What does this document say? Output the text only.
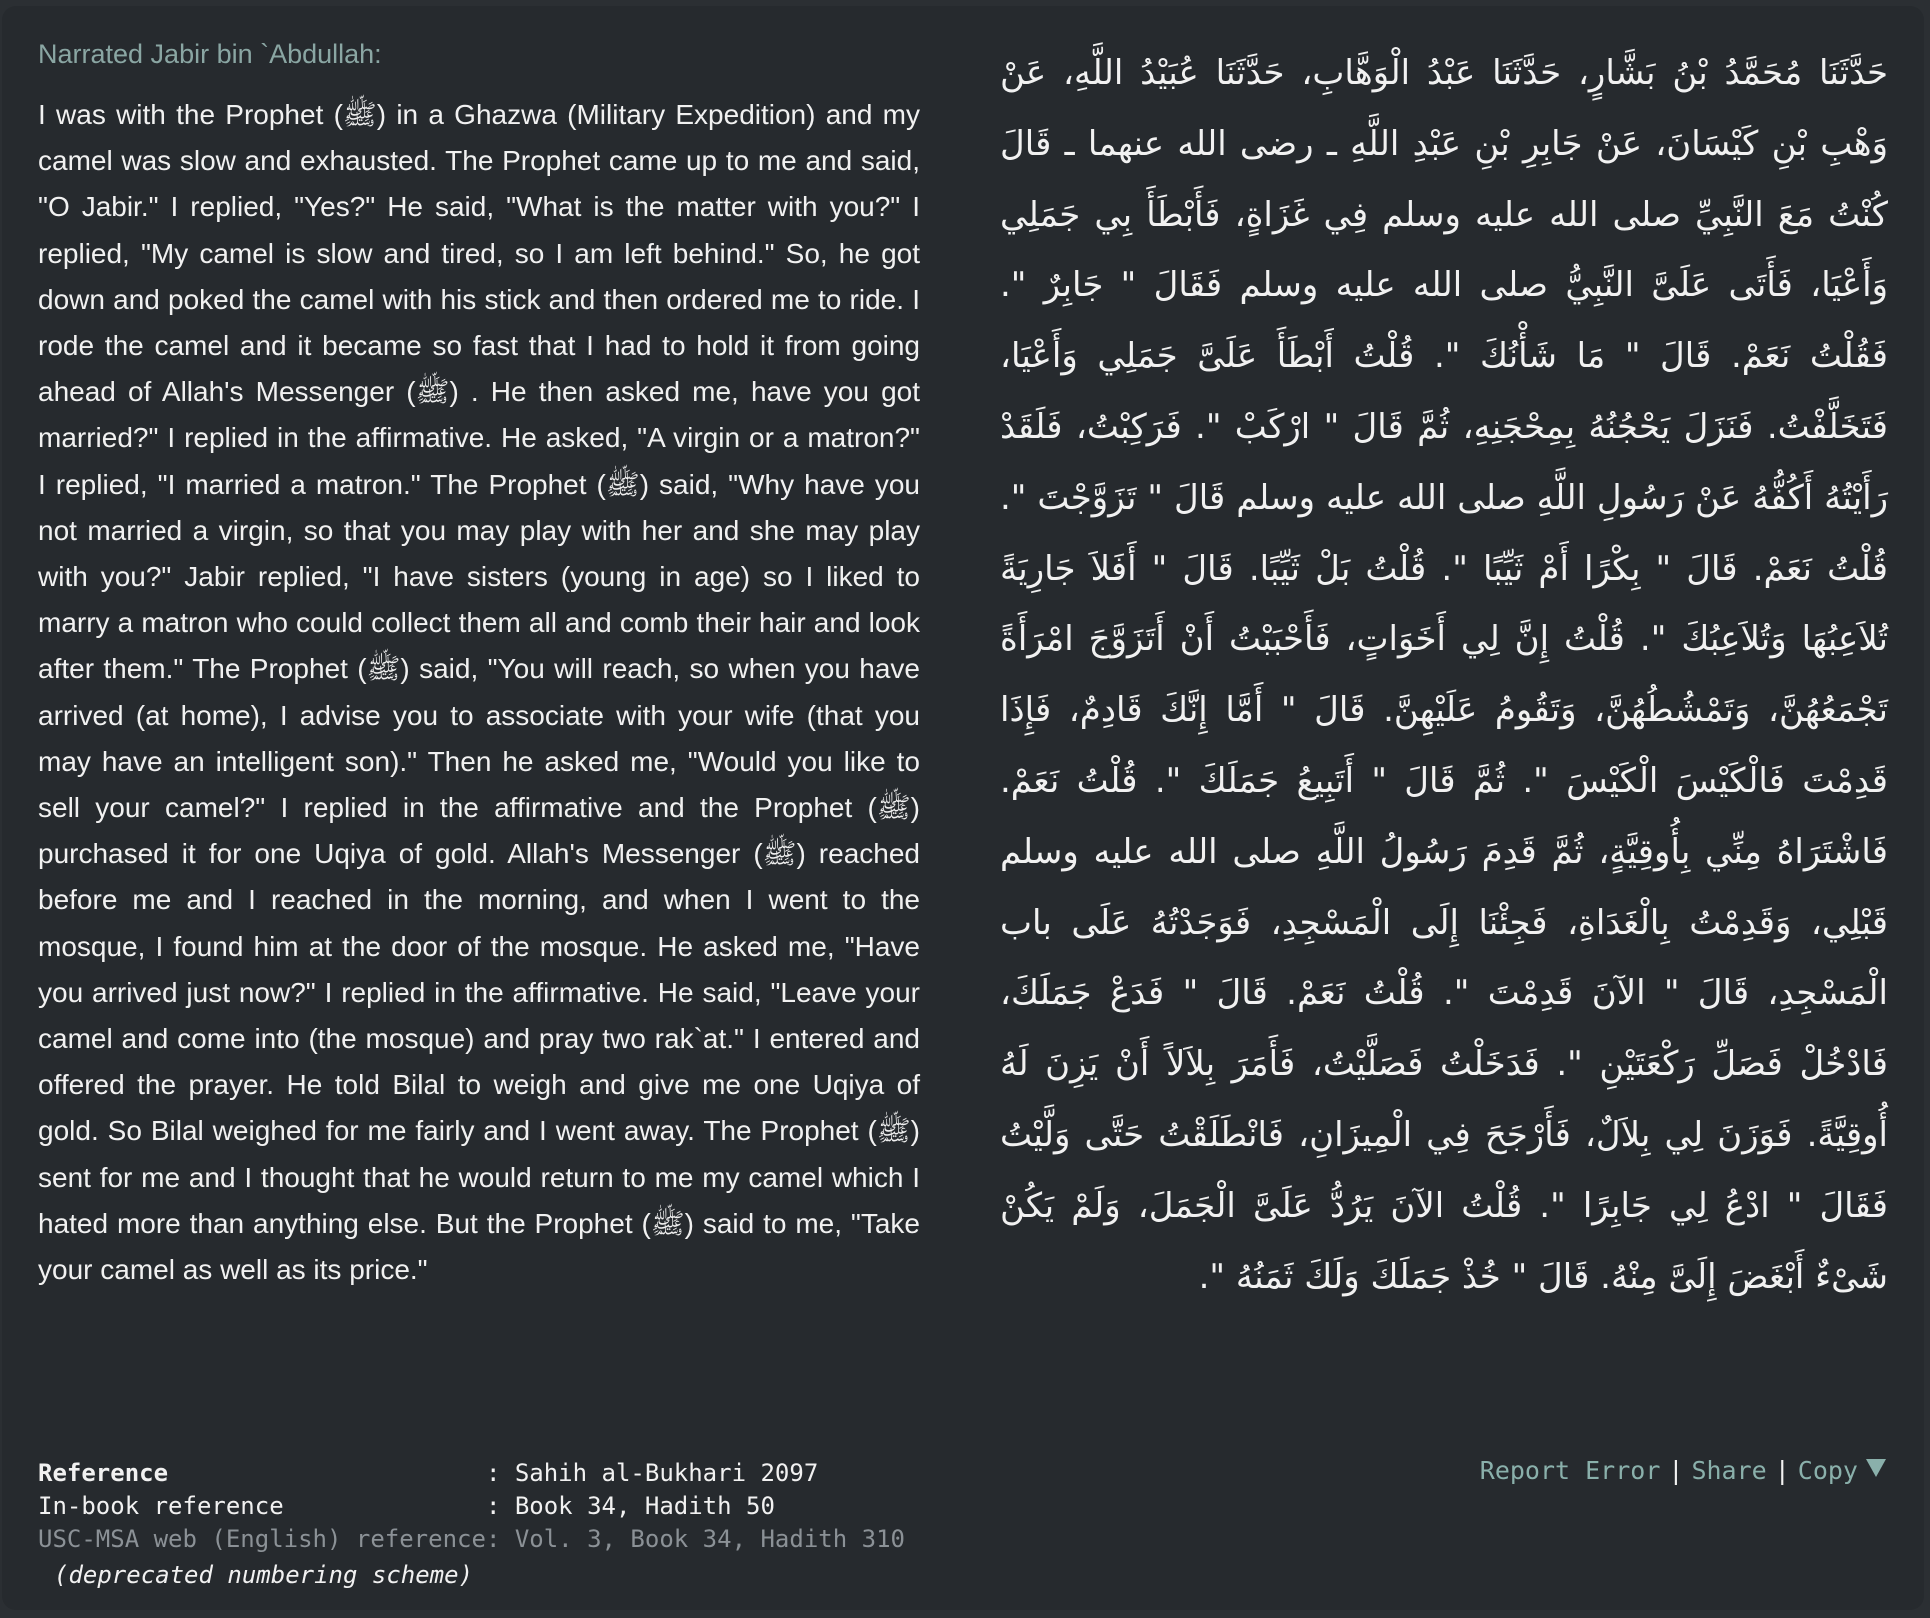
Narrated Jabir bin `Abdullah:

I was with the Prophet (ﷺ) in a Ghazwa (Military Expedition) and my camel was slow and exhausted. The Prophet came up to me and said, "O Jabir." I replied, "Yes?" He said, "What is the matter with you?" I replied, "My camel is slow and tired, so I am left behind." So, he got down and poked the camel with his stick and then ordered me to ride. I rode the camel and it became so fast that I had to hold it from going ahead of Allah's Messenger (ﷺ) . He then asked me, have you got married?" I replied in the affirmative. He asked, "A virgin or a matron?" I replied, "I married a matron." The Prophet (ﷺ) said, "Why have you not married a virgin, so that you may play with her and she may play with you?" Jabir replied, "I have sisters (young in age) so I liked to marry a matron who could collect them all and comb their hair and look after them." The Prophet (ﷺ) said, "You will reach, so when you have arrived (at home), I advise you to associate with your wife (that you may have an intelligent son)." Then he asked me, "Would you like to sell your camel?" I replied in the affirmative and the Prophet (ﷺ) purchased it for one Uqiya of gold. Allah's Messenger (ﷺ) reached before me and I reached in the morning, and when I went to the mosque, I found him at the door of the mosque. He asked me, "Have you arrived just now?" I replied in the affirmative. He said, "Leave your camel and come into (the mosque) and pray two rak`at." I entered and offered the prayer. He told Bilal to weigh and give me one Uqiya of gold. So Bilal weighed for me fairly and I went away. The Prophet (ﷺ) sent for me and I thought that he would return to me my camel which I hated more than anything else. But the Prophet (ﷺ) said to me, "Take your camel as well as its price."

حَدَّثَنَا مُحَمَّدُ بْنُ بَشَّارٍ، حَدَّثَنَا عَبْدُ الْوَهَّابِ، حَدَّثَنَا عُبَيْدُ اللَّهِ، عَنْ وَهْبِ بْنِ كَيْسَانَ، عَنْ جَابِرِ بْنِ عَبْدِ اللَّهِ ـ رضى الله عنهما ـ قَالَ كُنْتُ مَعَ النَّبِيِّ صلى الله عليه وسلم فِي غَزَاةٍ، فَأَبْطَأَ بِي جَمَلِي وَأَعْيَا، فَأَتَى عَلَىَّ النَّبِيُّ صلى الله عليه وسلم فَقَالَ " جَابِرٌ ". فَقُلْتُ نَعَمْ. قَالَ " مَا شَأْنُكَ ". قُلْتُ أَبْطَأَ عَلَىَّ جَمَلِي وَأَعْيَا، فَتَخَلَّفْتُ. فَنَزَلَ يَحْجُنُهُ بِمِحْجَنِهِ، ثُمَّ قَالَ " ارْكَبْ ". فَرَكِبْتُ، فَلَقَدْ رَأَيْتُهُ أَكُفُّهُ عَنْ رَسُولِ اللَّهِ صلى الله عليه وسلم قَالَ " تَزَوَّجْتَ ". قُلْتُ نَعَمْ. قَالَ " بِكْرًا أَمْ ثَيِّبًا ". قُلْتُ بَلْ ثَيِّبًا. قَالَ " أَفَلاَ جَارِيَةً تُلاَعِبُهَا وَتُلاَعِبُكَ ". قُلْتُ إِنَّ لِي أَخَوَاتٍ، فَأَحْبَبْتُ أَنْ أَتَزَوَّجَ امْرَأَةً تَجْمَعُهُنَّ، وَتَمْشُطُهُنَّ، وَتَقُومُ عَلَيْهِنَّ. قَالَ " أَمَّا إِنَّكَ قَادِمٌ، فَإِذَا قَدِمْتَ فَالْكَيْسَ الْكَيْسَ ". ثُمَّ قَالَ " أَتَبِيعُ جَمَلَكَ ". قُلْتُ نَعَمْ. فَاشْتَرَاهُ مِنِّي بِأُوقِيَّةٍ، ثُمَّ قَدِمَ رَسُولُ اللَّهِ صلى الله عليه وسلم قَبْلِي، وَقَدِمْتُ بِالْغَدَاةِ، فَجِئْنَا إِلَى الْمَسْجِدِ، فَوَجَدْتُهُ عَلَى باب الْمَسْجِدِ، قَالَ " الآنَ قَدِمْتَ ". قُلْتُ نَعَمْ. قَالَ " فَدَعْ جَمَلَكَ، فَادْخُلْ فَصَلِّ رَكْعَتَيْنِ ". فَدَخَلْتُ فَصَلَّيْتُ، فَأَمَرَ بِلاَلاً أَنْ يَزِنَ لَهُ أُوقِيَّةً. فَوَزَنَ لِي بِلاَلٌ، فَأَرْجَحَ فِي الْمِيزَانِ، فَانْطَلَقْتُ حَتَّى وَلَّيْتُ فَقَالَ " ادْعُ لِي جَابِرًا ". قُلْتُ الآنَ يَرُدُّ عَلَىَّ الْجَمَلَ، وَلَمْ يَكُنْ شَىْءٌ أَبْغَضَ إِلَىَّ مِنْهُ. قَالَ " خُذْ جَمَلَكَ وَلَكَ ثَمَنُهُ ".

Reference	: Sahih al-Bukhari 2097
In-book reference	: Book 34, Hadith 50
USC-MSA web (English) reference	: Vol. 3, Book 34, Hadith 310
(deprecated numbering scheme)
Report Error | Share | Copy
